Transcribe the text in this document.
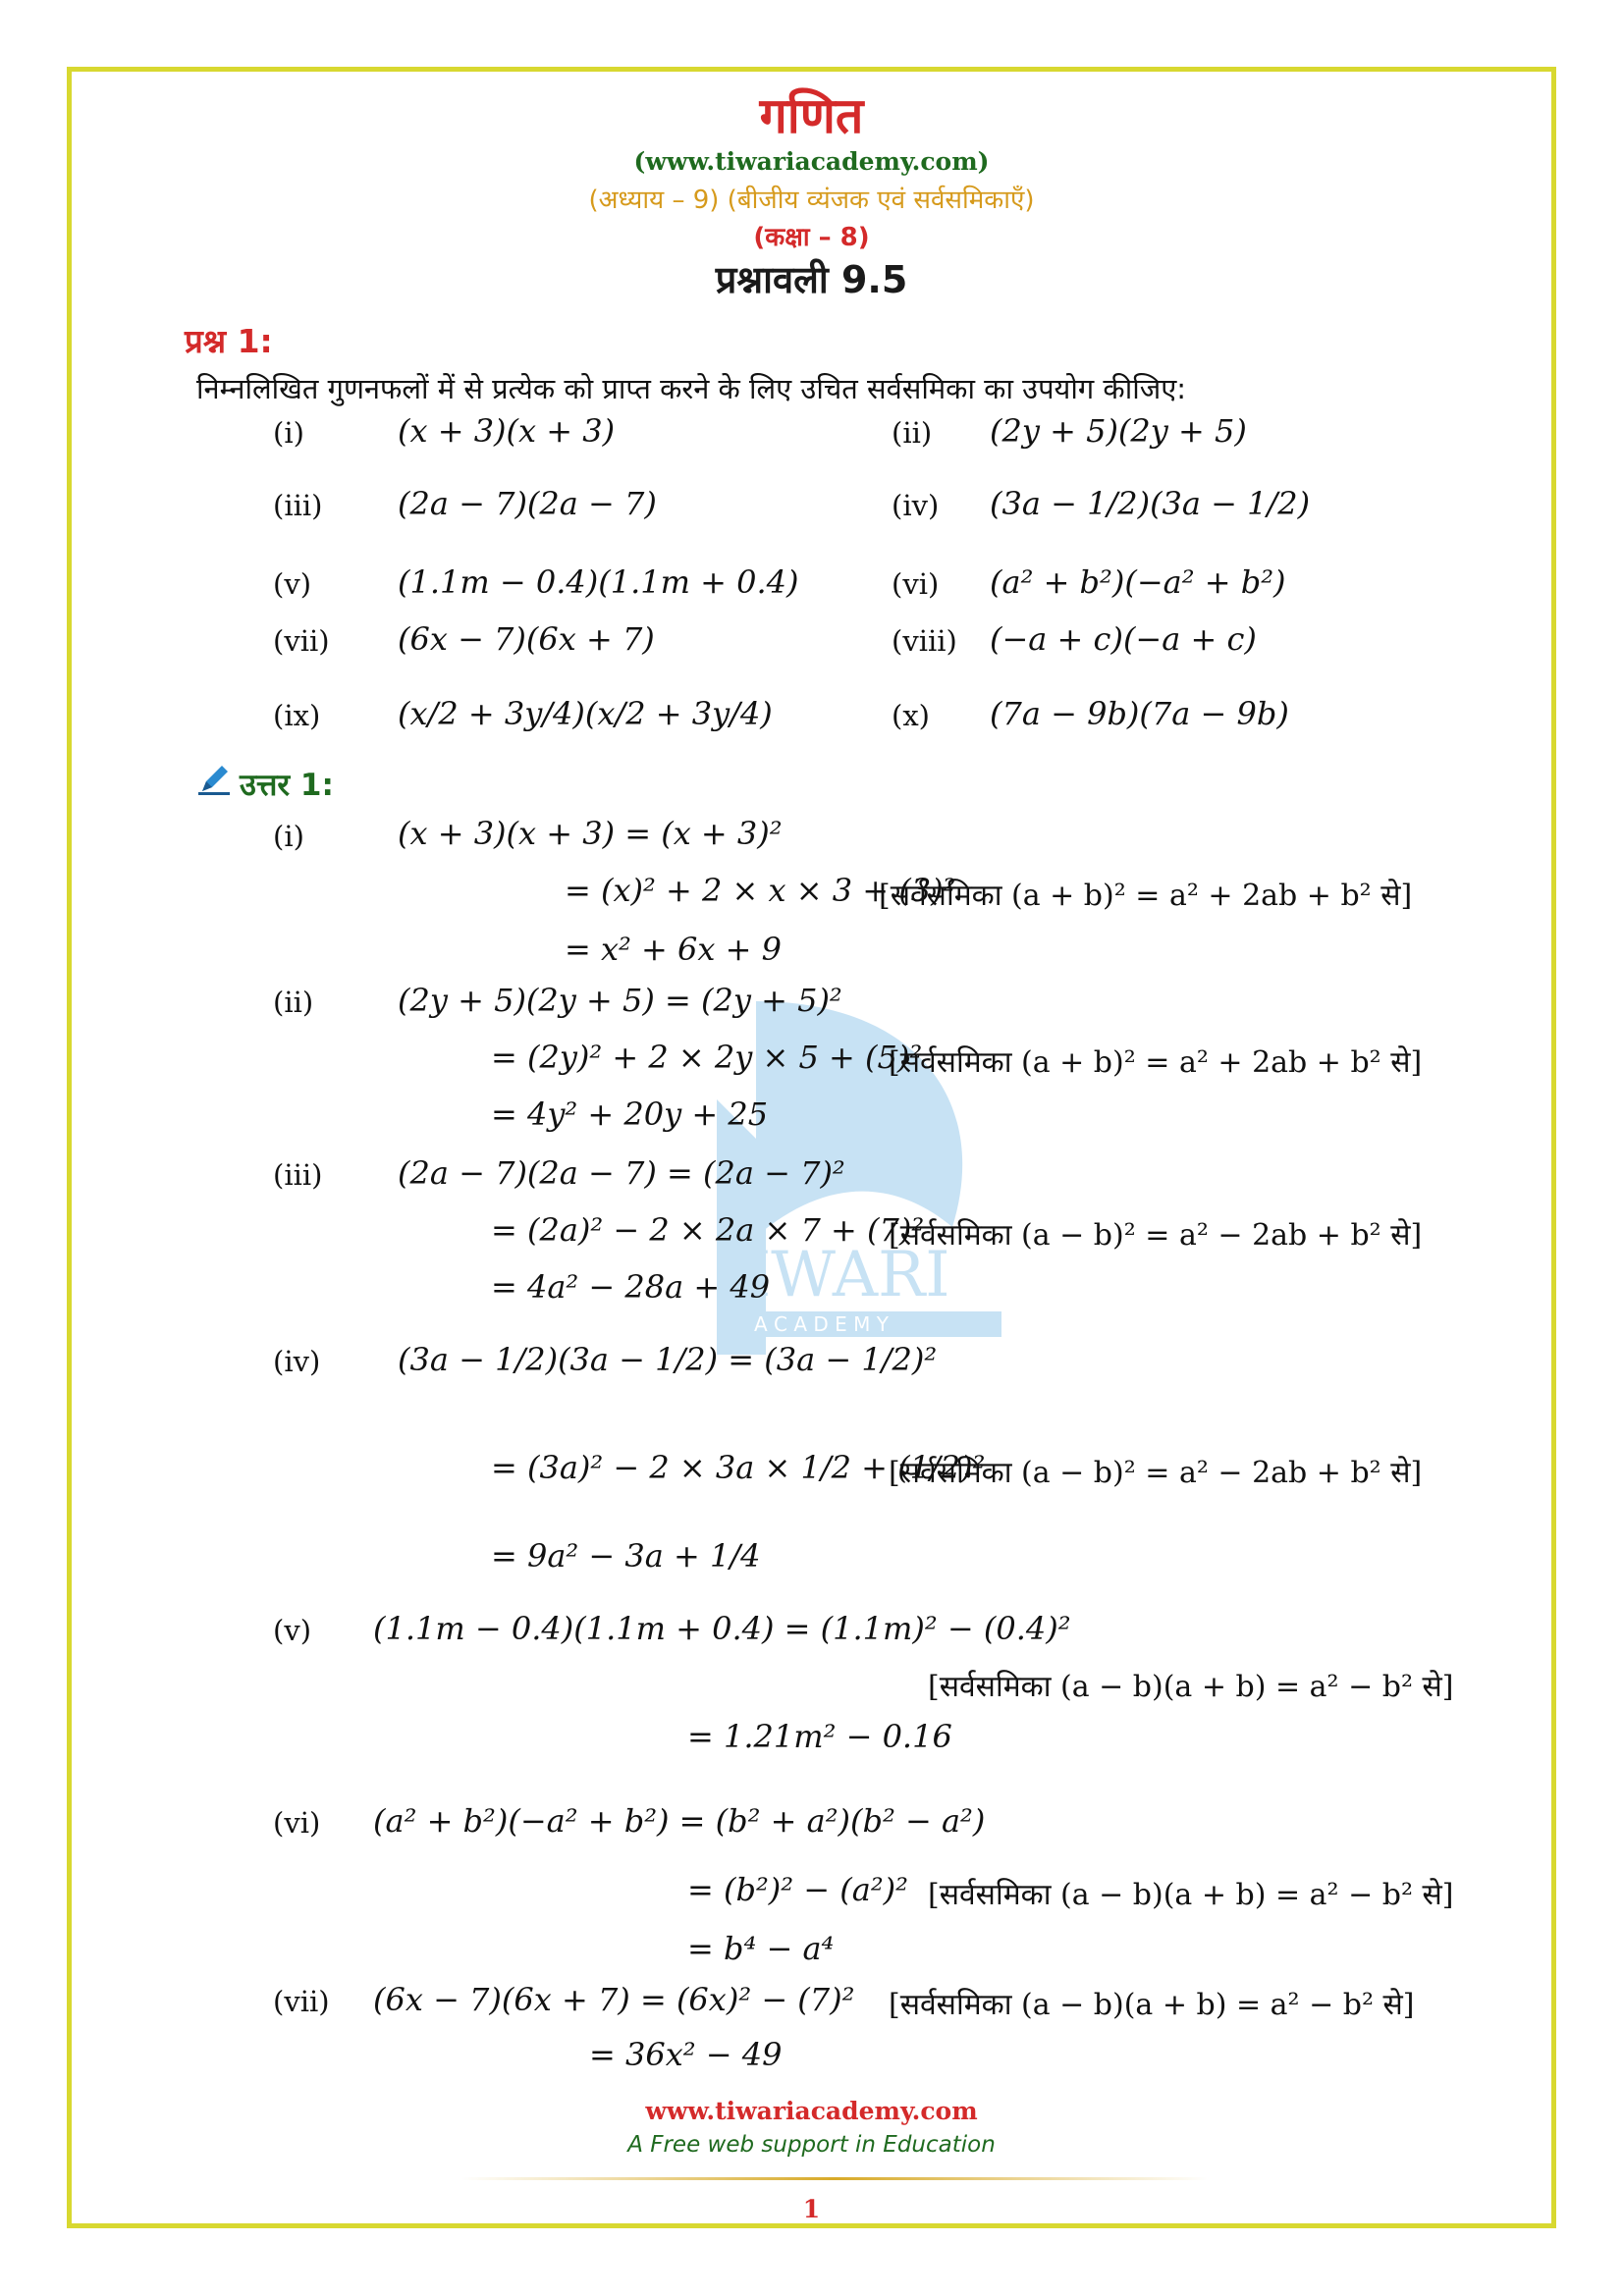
IWARI
A C A D E M Y
गणित
(www.tiwariacademy.com)
(अध्याय – 9) (बीजीय व्यंजक एवं सर्वसमिकाएँ)
(कक्षा – 8)
प्रश्नावली 9.5
प्रश्न 1:
निम्नलिखित गुणनफलों में से प्रत्येक को प्राप्त करने के लिए उचित सर्वसमिका का उपयोग कीजिए:
(i)	(x + 3)(x + 3)	(ii) (2y + 5)(2y + 5)
(iii) (2a − 7)(2a − 7)	(iv) (3a − 1/2)(3a − 1/2)
(v)	(1.1m − 0.4)(1.1m + 0.4)	(vi) (a² + b²)(−a² + b²)
(vii) (6x − 7)(6x + 7)	(viii) (−a + c)(−a + c)
(ix) (x/2 + 3y/4)(x/2 + 3y/4)	(x) (7a − 9b)(7a − 9b)
उत्तर 1:
(i)	(x + 3)(x + 3) = (x + 3)²
= (x)² + 2 × x × 3 + (3)²
[सर्वसमिका (a + b)² = a² + 2ab + b² से]
= x² + 6x + 9
(ii)	(2y + 5)(2y + 5) = (2y + 5)²
= (2y)² + 2 × 2y × 5 + (5)²
[सर्वसमिका (a + b)² = a² + 2ab + b² से]
= 4y² + 20y + 25
(iii) (2a − 7)(2a − 7) = (2a − 7)²
= (2a)² − 2 × 2a × 7 + (7)²
[सर्वसमिका (a − b)² = a² − 2ab + b² से]
= 4a² − 28a + 49
(iv) (3a − 1/2)(3a − 1/2) = (3a − 1/2)²
= (3a)² − 2 × 3a × 1/2 + (1/2)²
[सर्वसमिका (a − b)² = a² − 2ab + b² से]
= 9a² − 3a + 1/4
(v) (1.1m − 0.4)(1.1m + 0.4) = (1.1m)² − (0.4)²
[सर्वसमिका (a − b)(a + b) = a² − b² से]
= 1.21m² − 0.16
(vi) (a² + b²)(−a² + b²) = (b² + a²)(b² − a²)
= (b²)² − (a²)² [सर्वसमिका (a − b)(a + b) = a² − b² से]
= b⁴ − a⁴
(vii) (6x − 7)(6x + 7) = (6x)² − (7)² [सर्वसमिका (a − b)(a + b) = a² − b² से]
= 36x² − 49
www.tiwariacademy.com
A Free web support in Education
1
